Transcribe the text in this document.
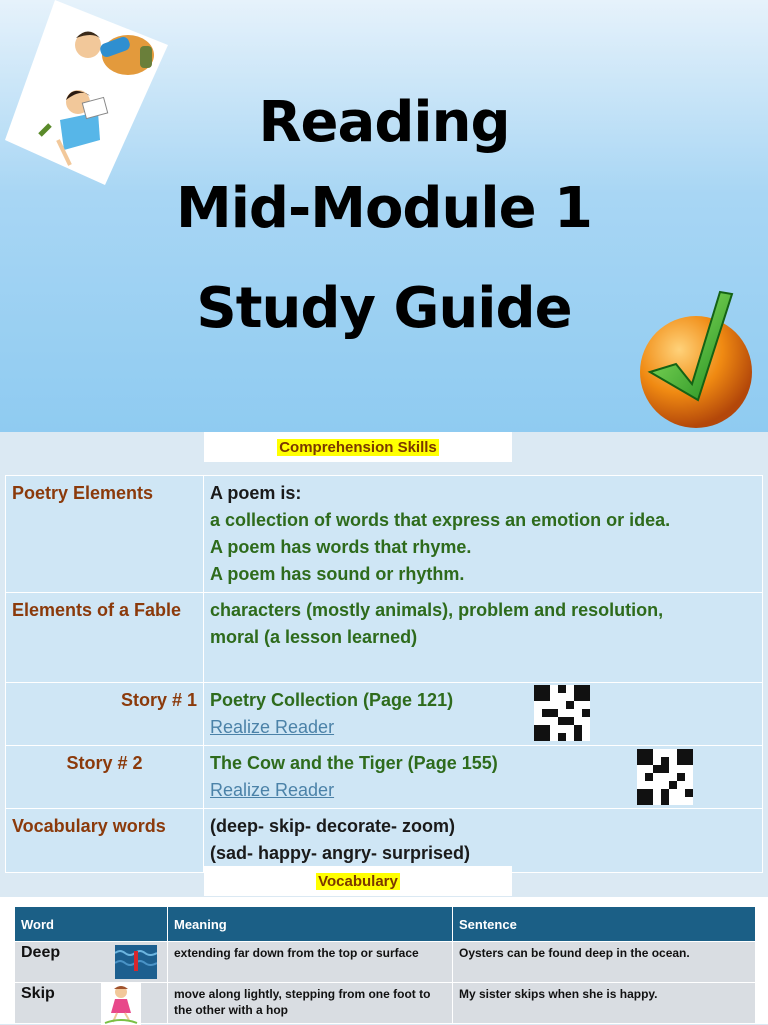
Reading
Mid-Module 1
Study Guide
Comprehension Skills
Poetry Elements	A poem is:
a collection of words that express an emotion or idea.
A poem has words that rhyme.
A poem has sound or rhythm.

Elements of a Fable	characters (mostly animals), problem and resolution,
moral (a lesson learned)

Story # 1	Poetry Collection (Page 121)
Realize Reader

Story # 2	The Cow and the Tiger (Page 155)
Realize Reader

Vocabulary words	(deep- skip- decorate- zoom)
(sad- happy- angry- surprised)
Vocabulary
Word	Meaning	Sentence
Deep	extending far down from the top or surface	Oysters can be found deep in the ocean.
Skip	move along lightly, stepping from one foot to the other with a hop	My sister skips when she is happy.
